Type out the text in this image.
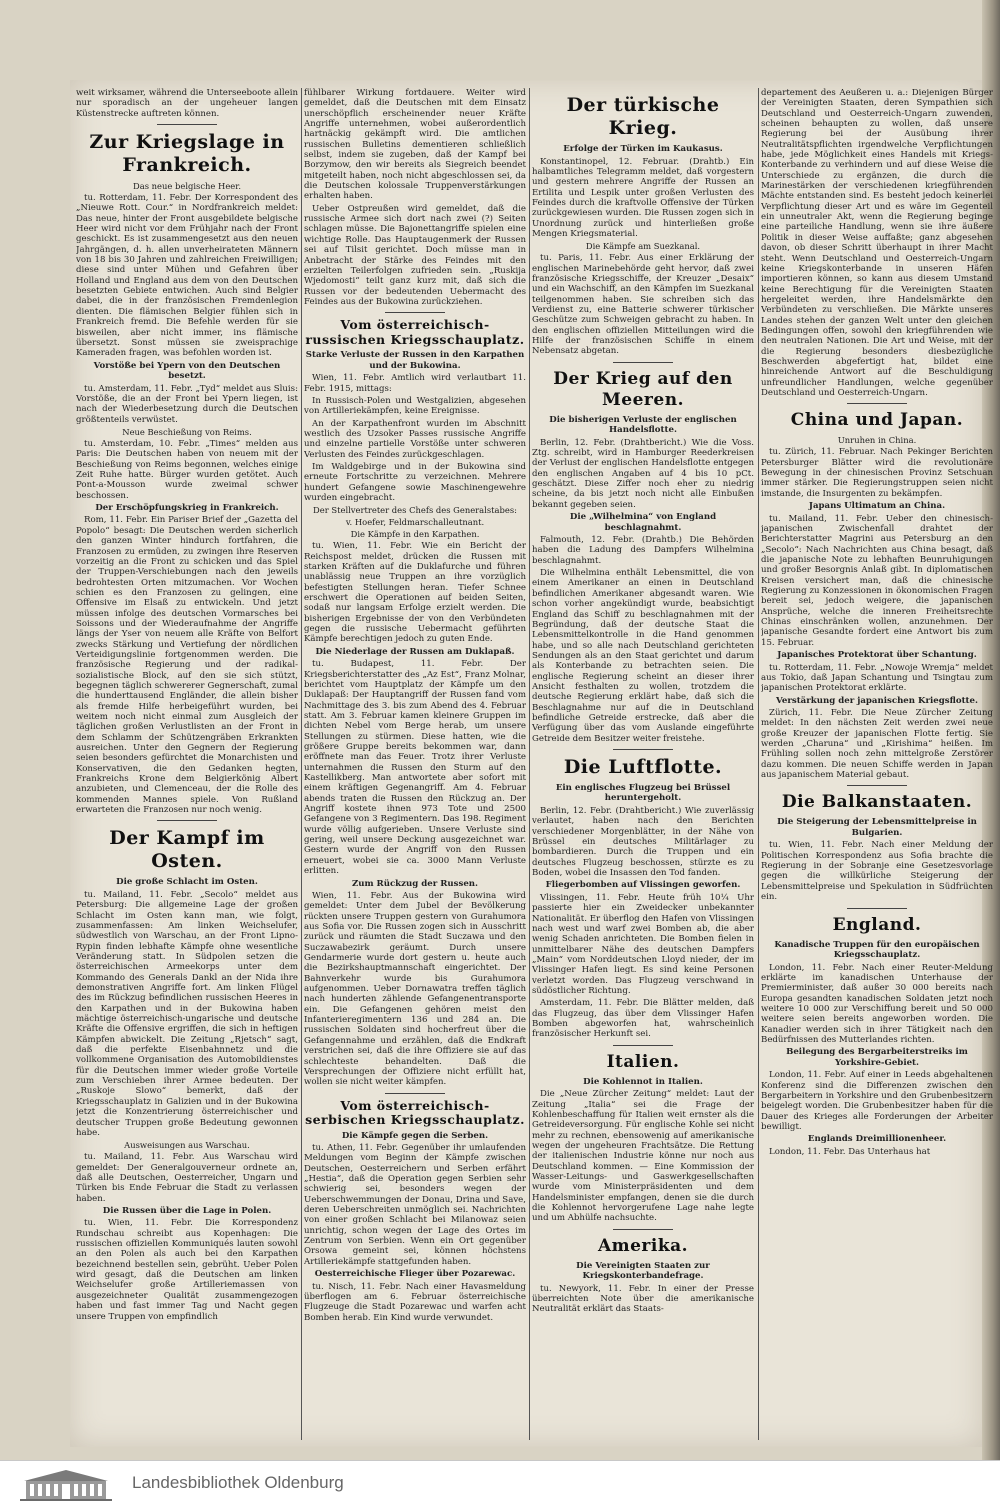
weit wirksamer, während die Unterseeboote allein nur sporadisch an der ungeheuer langen Küstenstrecke auftreten können.

Zur Kriegslage in Frankreich.
Das neue belgische Heer.

tu. Rotterdam, 11. Febr. Der Korrespondent des „Nieuwe Rott. Cour.“ in Nordfrankreich meldet: Das neue, hinter der Front ausgebildete belgische Heer wird nicht vor dem Frühjahr nach der Front geschickt. Es ist zusammengesetzt aus den neuen Jahrgängen, d. h. allen unverheirateten Männern von 18 bis 30 Jahren und zahlreichen Freiwilligen; diese sind unter Mühen und Gefahren über Holland und England aus dem von den Deutschen besetzten Gebiete entwichen. Auch sind Belgier dabei, die in der französischen Fremdenlegion dienten. Die flämischen Belgier fühlen sich in Frankreich fremd. Die Befehle werden für sie bisweilen, aber nicht immer, ins flämische übersetzt. Sonst müssen sie zweisprachige Kameraden fragen, was befohlen worden ist.

Vorstöße bei Ypern von den Deutschen besetzt.

tu. Amsterdam, 11. Febr. „Tyd“ meldet aus Sluis: Vorstöße, die an der Front bei Ypern liegen, ist nach der Wiederbesetzung durch die Deutschen größtenteils verwüstet.

Neue Beschießung von Reims.

tu. Amsterdam, 10. Febr. „Times“ melden aus Paris: Die Deutschen haben von neuem mit der Beschießung von Reims begonnen, welches einige Zeit Ruhe hatte. Bürger wurden getötet. Auch Pont-a-Mousson wurde zweimal schwer beschossen.

Der Erschöpfungskrieg in Frankreich.

Rom, 11. Febr. Ein Pariser Brief der „Gazetta del Popolo“ besagt: Die Deutschen werden sicherlich den ganzen Winter hindurch fortfahren, die Franzosen zu ermüden, zu zwingen ihre Reserven vorzeitig an die Front zu schicken und das Spiel der Truppen-Verschiebungen nach den jeweils bedrohtesten Orten mitzumachen. Vor Wochen schien es den Franzosen zu gelingen, eine Offensive im Elsaß zu entwickeln. Und jetzt müssen infolge des deutschen Vormarsches bei Soissons und der Wiederaufnahme der Angriffe längs der Yser von neuem alle Kräfte von Belfort zwecks Stärkung und Vertiefung der nördlichen Verteidigungslinie fortgenommen werden. Die französische Regierung und der radikal-sozialistische Block, auf den sie sich stützt, begegnen täglich schwererer Gegnerschaft, zumal die hunderttausend Engländer, die allein bisher als fremde Hilfe herbeigeführt wurden, bei weitem noch nicht einmal zum Ausgleich der täglichen großen Verlustlisten an der Front in dem Schlamm der Schützengräben Erkrankten ausreichen. Unter den Gegnern der Regierung seien besonders gefürchtet die Monarchisten und Konservativen, die den Gedanken hegten, Frankreichs Krone dem Belgierkönig Albert anzubieten, und Clemenceau, der die Rolle des kommenden Mannes spiele. Von Rußland erwarteten die Franzosen nur noch wenig.

Der Kampf im Osten.
Die große Schlacht im Osten.

tu. Mailand, 11. Febr. „Secolo“ meldet aus Petersburg: Die allgemeine Lage der großen Schlacht im Osten kann man, wie folgt, zusammenfassen: Am linken Weichselufer, südwestlich von Warschau, an der Front Lipno-Rypin finden lebhafte Kämpfe ohne wesentliche Veränderung statt. In Südpolen setzen die österreichischen Armeekorps unter dem Kommando des Generals Dankl an der Nida ihre demonstrativen Angriffe fort. Am linken Flügel des im Rückzug befindlichen russischen Heeres in den Karpathen und in der Bukowina haben mächtige österreichisch-ungarische und deutsche Kräfte die Offensive ergriffen, die sich in heftigen Kämpfen abwickelt. Die Zeitung „Rjetsch“ sagt, daß die perfekte Eisenbahnnetz und die vollkommene Organisation des Automobildienstes für die Deutschen immer wieder große Vorteile zum Verschieben ihrer Armee bedeuten. Der „Ruskoje Slowo“ bemerkt, daß der Kriegsschauplatz in Galizien und in der Bukowina jetzt die Konzentrierung österreichischer und deutscher Truppen große Bedeutung gewonnen habe.

Ausweisungen aus Warschau.

tu. Mailand, 11. Febr. Aus Warschau wird gemeldet: Der Generalgouverneur ordnete an, daß alle Deutschen, Oesterreicher, Ungarn und Türken bis Ende Februar die Stadt zu verlassen haben.

Die Russen über die Lage in Polen.

tu. Wien, 11. Febr. Die Korrespondenz Rundschau schreibt aus Kopenhagen: Die russischen offiziellen Kommuniqués lauten sowohl an den Polen als auch bei den Karpathen bezeichnend bestellen sein, gebrüht. Ueber Polen wird gesagt, daß die Deutschen am linken Weichselufer große Artilleriemassen von ausgezeichneter Qualität zusammengezogen haben und fast immer Tag und Nacht gegen unsere Truppen von empfindlich

fühlbarer Wirkung fortdauere. Weiter wird gemeldet, daß die Deutschen mit dem Einsatz unerschöpflich erscheinender neuer Kräfte Angriffe unternehmen, wobei außerordentlich hartnäckig gekämpft wird. Die amtlichen russischen Bulletins dementieren schließlich selbst, indem sie zugeben, daß der Kampf bei Borzymow, den wir bereits als Siegreich beendet mitgeteilt haben, noch nicht abgeschlossen sei, da die Deutschen kolossale Truppenverstärkungen erhalten haben.

Ueber Ostpreußen wird gemeldet, daß die russische Armee sich dort nach zwei (?) Seiten schlagen müsse. Die Bajonettangriffe spielen eine wichtige Rolle. Das Hauptaugenmerk der Russen sei auf Tilsit gerichtet. Doch müsse man in Anbetracht der Stärke des Feindes mit den erzielten Teilerfolgen zufrieden sein. „Ruskija Wjedomosti“ teilt ganz kurz mit, daß sich die Russen vor der bedeutenden Uebermacht des Feindes aus der Bukowina zurückziehen.

Vom österreichisch-russischen Kriegsschauplatz.
Starke Verluste der Russen in den Karpathen und der Bukowina.

Wien, 11. Febr. Amtlich wird verlautbart 11. Febr. 1915, mittags:

In Russisch-Polen und Westgalizien, abgesehen von Artilleriekämpfen, keine Ereignisse.

An der Karpathenfront wurden im Abschnitt westlich des Uzsoker Passes russische Angriffe und einzelne partielle Vorstöße unter schweren Verlusten des Feindes zurückgeschlagen.

Im Waldgebirge und in der Bukowina sind erneute Fortschritte zu verzeichnen. Mehrere hundert Gefangene sowie Maschinengewehre wurden eingebracht.

Der Stellvertreter des Chefs des Generalstabes:
v. Hoefer, Feldmarschalleutnant.
Die Kämpfe in den Karpathen.

tu. Wien, 11. Febr. Wie ein Bericht der Reichspost meldet, drücken die Russen mit starken Kräften auf die Duklafurche und führen unablässig neue Truppen an ihre vorzüglich befestigten Stellungen heran. Tiefer Schnee erschwert die Operationen auf beiden Seiten, sodaß nur langsam Erfolge erzielt werden. Die bisherigen Ergebnisse der von den Verbündeten gegen die russische Uebermacht geführten Kämpfe berechtigen jedoch zu guten Ende.

Die Niederlage der Russen am Duklapaß.

tu. Budapest, 11. Febr. Der Kriegsberichterstatter des „Az Est“, Franz Molnar, berichtet vom Hauptplatz der Kämpfe um den Duklapaß: Der Hauptangriff der Russen fand vom Nachmittage des 3. bis zum Abend des 4. Februar statt. Am 3. Februar kamen kleinere Gruppen im dichten Nebel vom Berge herab, um unsere Stellungen zu stürmen. Diese hatten, wie die größere Gruppe bereits bekommen war, dann eröffnete man das Feuer. Trotz ihrer Verluste unternahmen die Russen den Sturm auf den Kastellikberg. Man antwortete aber sofort mit einem kräftigen Gegenangriff. Am 4. Februar abends traten die Russen den Rückzug an. Der Angriff kostete ihnen 973 Tote und 2500 Gefangene von 3 Regimentern. Das 198. Regiment wurde völlig aufgerieben. Unsere Verluste sind gering, weil unsere Deckung ausgezeichnet war. Gestern wurde der Angriff von den Russen erneuert, wobei sie ca. 3000 Mann Verluste erlitten.

Zum Rückzug der Russen.

Wien, 11. Febr. Aus der Bukowina wird gemeldet: Unter dem Jubel der Bevölkerung rückten unsere Truppen gestern von Gurahumora aus Sofia vor. Die Russen zogen sich in Ausschritt zurück und räumten die Stadt Suczawa und den Suczawabezirk geräumt. Durch unsere Gendarmerie wurde dort gestern u. heute auch die Bezirkshauptmannschaft eingerichtet. Der Bahnverkehr wurde bis Gurahumora aufgenommen. Ueber Dornawatra treffen täglich nach hunderten zählende Gefangenentransporte ein. Die Gefangenen gehören meist den Infanterieregimentern 136 und 284 an. Die russischen Soldaten sind hocherfreut über die Gefangennahme und erzählen, daß die Endkraft verstrichen sei, daß die ihre Offiziere sie auf das schlechteste behandelten. Daß die Versprechungen der Offiziere nicht erfüllt hat, wollen sie nicht weiter kämpfen.

Vom österreichisch-serbischen Kriegsschauplatz.
Die Kämpfe gegen die Serben.

tu. Athen, 11. Febr. Gegenüber ihr umlaufenden Meldungen vom Beginn der Kämpfe zwischen Deutschen, Oesterreichern und Serben erfährt „Hestia“, daß die Operation gegen Serbien sehr schwierig sei, besonders wegen der Ueberschwemmungen der Donau, Drina und Save, deren Ueberschreiten unmöglich sei. Nachrichten von einer großen Schlacht bei Milanowaz seien unrichtig, schon wegen der Lage des Ortes im Zentrum von Serbien. Wenn ein Ort gegenüber Orsowa gemeint sei, können höchstens Artilleriekämpfe stattgefunden haben.

Oesterreichische Flieger über Pozarewac.

tu. Nisch, 11. Febr. Nach einer Havasmeldung überflogen am 6. Februar österreichische Flugzeuge die Stadt Pozarewac und warfen acht Bomben herab. Ein Kind wurde verwundet.

Der türkische Krieg.
Erfolge der Türken im Kaukasus.

Konstantinopel, 12. Februar. (Drahtb.) Ein halbamtliches Telegramm meldet, daß vorgestern und gestern mehrere Angriffe der Russen an Ertilita und Lespik unter großen Verlusten des Feindes durch die kraftvolle Offensive der Türken zurückgewiesen wurden. Die Russen zogen sich in Unordnung zurück und hinterließen große Mengen Kriegsmaterial.

Die Kämpfe am Suezkanal.

tu. Paris, 11. Febr. Aus einer Erklärung der englischen Marinebehörde geht hervor, daß zwei französische Kriegsschiffe, der Kreuzer „Desaix“ und ein Wachschiff, an den Kämpfen im Suezkanal teilgenommen haben. Sie schreiben sich das Verdienst zu, eine Batterie schwerer türkischer Geschütze zum Schweigen gebracht zu haben. In den englischen offiziellen Mitteilungen wird die Hilfe der französischen Schiffe in einem Nebensatz abgetan.

Der Krieg auf den Meeren.
Die bisherigen Verluste der englischen Handelsflotte.

Berlin, 12. Febr. (Drahtbericht.) Wie die Voss. Ztg. schreibt, wird in Hamburger Reederkreisen der Verlust der englischen Handelsflotte entgegen den englischen Angaben auf 4 bis 10 pCt. geschätzt. Diese Ziffer noch eher zu niedrig scheine, da bis jetzt noch nicht alle Einbußen bekannt gegeben seien.

Die „Wilhelmina“ von England beschlagnahmt.

Falmouth, 12. Febr. (Drahtb.) Die Behörden haben die Ladung des Dampfers Wilhelmina beschlagnahmt.

Die Wilhelmina enthält Lebensmittel, die von einem Amerikaner an einen in Deutschland befindlichen Amerikaner abgesandt waren. Wie schon vorher angekündigt wurde, beabsichtigt England das Schiff zu beschlagnahmen mit der Begründung, daß der deutsche Staat die Lebensmittelkontrolle in die Hand genommen habe, und so alle nach Deutschland gerichteten Sendungen als an den Staat gerichtet und darum als Konterbande zu betrachten seien. Die englische Regierung scheint an dieser ihrer Ansicht festhalten zu wollen, trotzdem die deutsche Regierung erklärt habe, daß sich die Beschlagnahme nur auf die in Deutschland befindliche Getreide erstrecke, daß aber die Verfügung über das vom Auslande eingeführte Getreide dem Besitzer weiter freistehe.

Die Luftflotte.
Ein englisches Flugzeug bei Brüssel heruntergeholt.

Berlin, 12. Febr. (Drahtbericht.) Wie zuverlässig verlautet, haben nach den Berichten verschiedener Morgenblätter, in der Nähe von Brüssel ein deutsches Militärlager zu bombardieren. Durch die Truppen und ein deutsches Flugzeug beschossen, stürzte es zu Boden, wobei die Insassen den Tod fanden.

Fliegerbomben auf Vlissingen geworfen.

Vlissingen, 11. Febr. Heute früh 10¼ Uhr passierte hier ein Zweidecker unbekannter Nationalität. Er überflog den Hafen von Vlissingen nach west und warf zwei Bomben ab, die aber wenig Schaden anrichteten. Die Bomben fielen in unmittelbarer Nähe des deutschen Dampfers „Main“ vom Norddeutschen Lloyd nieder, der im Vlissinger Hafen liegt. Es sind keine Personen verletzt worden. Das Flugzeug verschwand in südöstlicher Richtung.

Amsterdam, 11. Febr. Die Blätter melden, daß das Flugzeug, das über dem Vlissinger Hafen Bomben abgeworfen hat, wahrscheinlich französischer Herkunft sei.

Italien.
Die Kohlennot in Italien.

Die „Neue Zürcher Zeitung“ meldet: Laut der Zeitung „Italia“ sei die Frage der Kohlenbeschaffung für Italien weit ernster als die Getreideversorgung. Für englische Kohle sei nicht mehr zu rechnen, ebensowenig auf amerikanische wegen der ungeheuren Frachtsätze. Die Rettung der italienischen Industrie könne nur noch aus Deutschland kommen. — Eine Kommission der Wasser-Leitungs- und Gaswerkgesellschaften wurde vom Ministerpräsidenten und dem Handelsminister empfangen, denen sie die durch die Kohlennot hervorgerufene Lage nahe legte und um Abhülfe nachsuchte.

Amerika.
Die Vereinigten Staaten zur Kriegskonterbandefrage.

tu. Newyork, 11. Febr. In einer der Presse überreichten Note über die amerikanische Neutralität erklärt das Staats-

departement des Aeußeren u. a.: Diejenigen Bürger der Vereinigten Staaten, deren Sympathien sich Deutschland und Oesterreich-Ungarn zuwenden, scheinen behaupten zu wollen, daß unsere Regierung bei der Ausübung ihrer Neutralitätspflichten irgendwelche Verpflichtungen habe, jede Möglichkeit eines Handels mit Kriegs-Konterbande zu verhindern und auf diese Weise die Unterschiede zu ergänzen, die durch die Marinestärken der verschiedenen kriegführenden Mächte entstanden sind. Es besteht jedoch keinerlei Verpflichtung dieser Art und es wäre im Gegenteil ein unneutraler Akt, wenn die Regierung beginge eine parteiliche Handlung, wenn sie ihre äußere Politik in dieser Weise auffaßte; ganz abgesehen davon, ob dieser Schritt überhaupt in ihrer Macht steht. Wenn Deutschland und Oesterreich-Ungarn keine Kriegskonterbande in unseren Häfen importieren können, so kann aus diesem Umstand keine Berechtigung für die Vereinigten Staaten hergeleitet werden, ihre Handelsmärkte den Verbündeten zu verschließen. Die Märkte unseres Landes stehen der ganzen Welt unter den gleichen Bedingungen offen, sowohl den kriegführenden wie den neutralen Nationen. Die Art und Weise, mit der die Regierung besonders diesbezügliche Beschwerden abgefertigt hat, bildet eine hinreichende Antwort auf die Beschuldigung unfreundlicher Handlungen, welche gegenüber Deutschland und Oesterreich-Ungarn.

China und Japan.
Unruhen in China.

tu. Zürich, 11. Februar. Nach Pekinger Berichten Petersburger Blätter wird die revolutionäre Bewegung in der chinesischen Provinz Setschuan immer stärker. Die Regierungstruppen seien nicht imstande, die Insurgenten zu bekämpfen.

Japans Ultimatum an China.

tu. Mailand, 11. Febr. Ueber den chinesisch-japanischen Zwischenfall drahtet der Berichterstatter Magrini aus Petersburg an den „Secolo“: Nach Nachrichten aus China besagt, daß die japanische Note zu lebhaften Beunruhigungen und großer Besorgnis Anlaß gibt. In diplomatischen Kreisen versichert man, daß die chinesische Regierung zu Konzessionen in ökonomischen Fragen bereit sei, jedoch weigere, die japanischen Ansprüche, welche die inneren Freiheitsrechte Chinas einschränken wollen, anzunehmen. Der japanische Gesandte fordert eine Antwort bis zum 15. Februar.

Japanisches Protektorat über Schantung.

tu. Rotterdam, 11. Febr. „Nowoje Wremja“ meldet aus Tokio, daß Japan Schantung und Tsingtau zum japanischen Protektorat erklärte.

Verstärkung der japanischen Kriegsflotte.

Zürich, 11. Febr. Die Neue Zürcher Zeitung meldet: In den nächsten Zeit werden zwei neue große Kreuzer der japanischen Flotte fertig. Sie werden „Charuna“ und „Kirishima“ heißen. Im Frühling sollen noch zehn mittelgroße Zerstörer dazu kommen. Die neuen Schiffe werden in Japan aus japanischem Material gebaut.

Die Balkanstaaten.
Die Steigerung der Lebensmittelpreise in Bulgarien.

tu. Wien, 11. Febr. Nach einer Meldung der Politischen Korrespondenz aus Sofia brachte die Regierung in der Sobranje eine Gesetzesvorlage gegen die willkürliche Steigerung der Lebensmittelpreise und Spekulation in Südfrüchten ein.

England.
Kanadische Truppen für den europäischen Kriegsschauplatz.

London, 11. Febr. Nach einer Reuter-Meldung erklärte im kanadischen Unterhause der Premierminister, daß außer 30 000 bereits nach Europa gesandten kanadischen Soldaten jetzt noch weitere 10 000 zur Verschiffung bereit und 50 000 weitere seien bereits angeworben worden. Die Kanadier werden sich in ihrer Tätigkeit nach den Bedürfnissen des Mutterlandes richten.

Beilegung des Bergarbeiterstreiks im Yorkshire-Gebiet.

London, 11. Febr. Auf einer in Leeds abgehaltenen Konferenz sind die Differenzen zwischen den Bergarbeitern in Yorkshire und den Grubenbesitzern beigelegt worden. Die Grubenbesitzer haben für die Dauer des Krieges alle Forderungen der Arbeiter bewilligt.

Englands Dreimillionenheer.

London, 11. Febr. Das Unterhaus hat

Landesbibliothek Oldenburg
